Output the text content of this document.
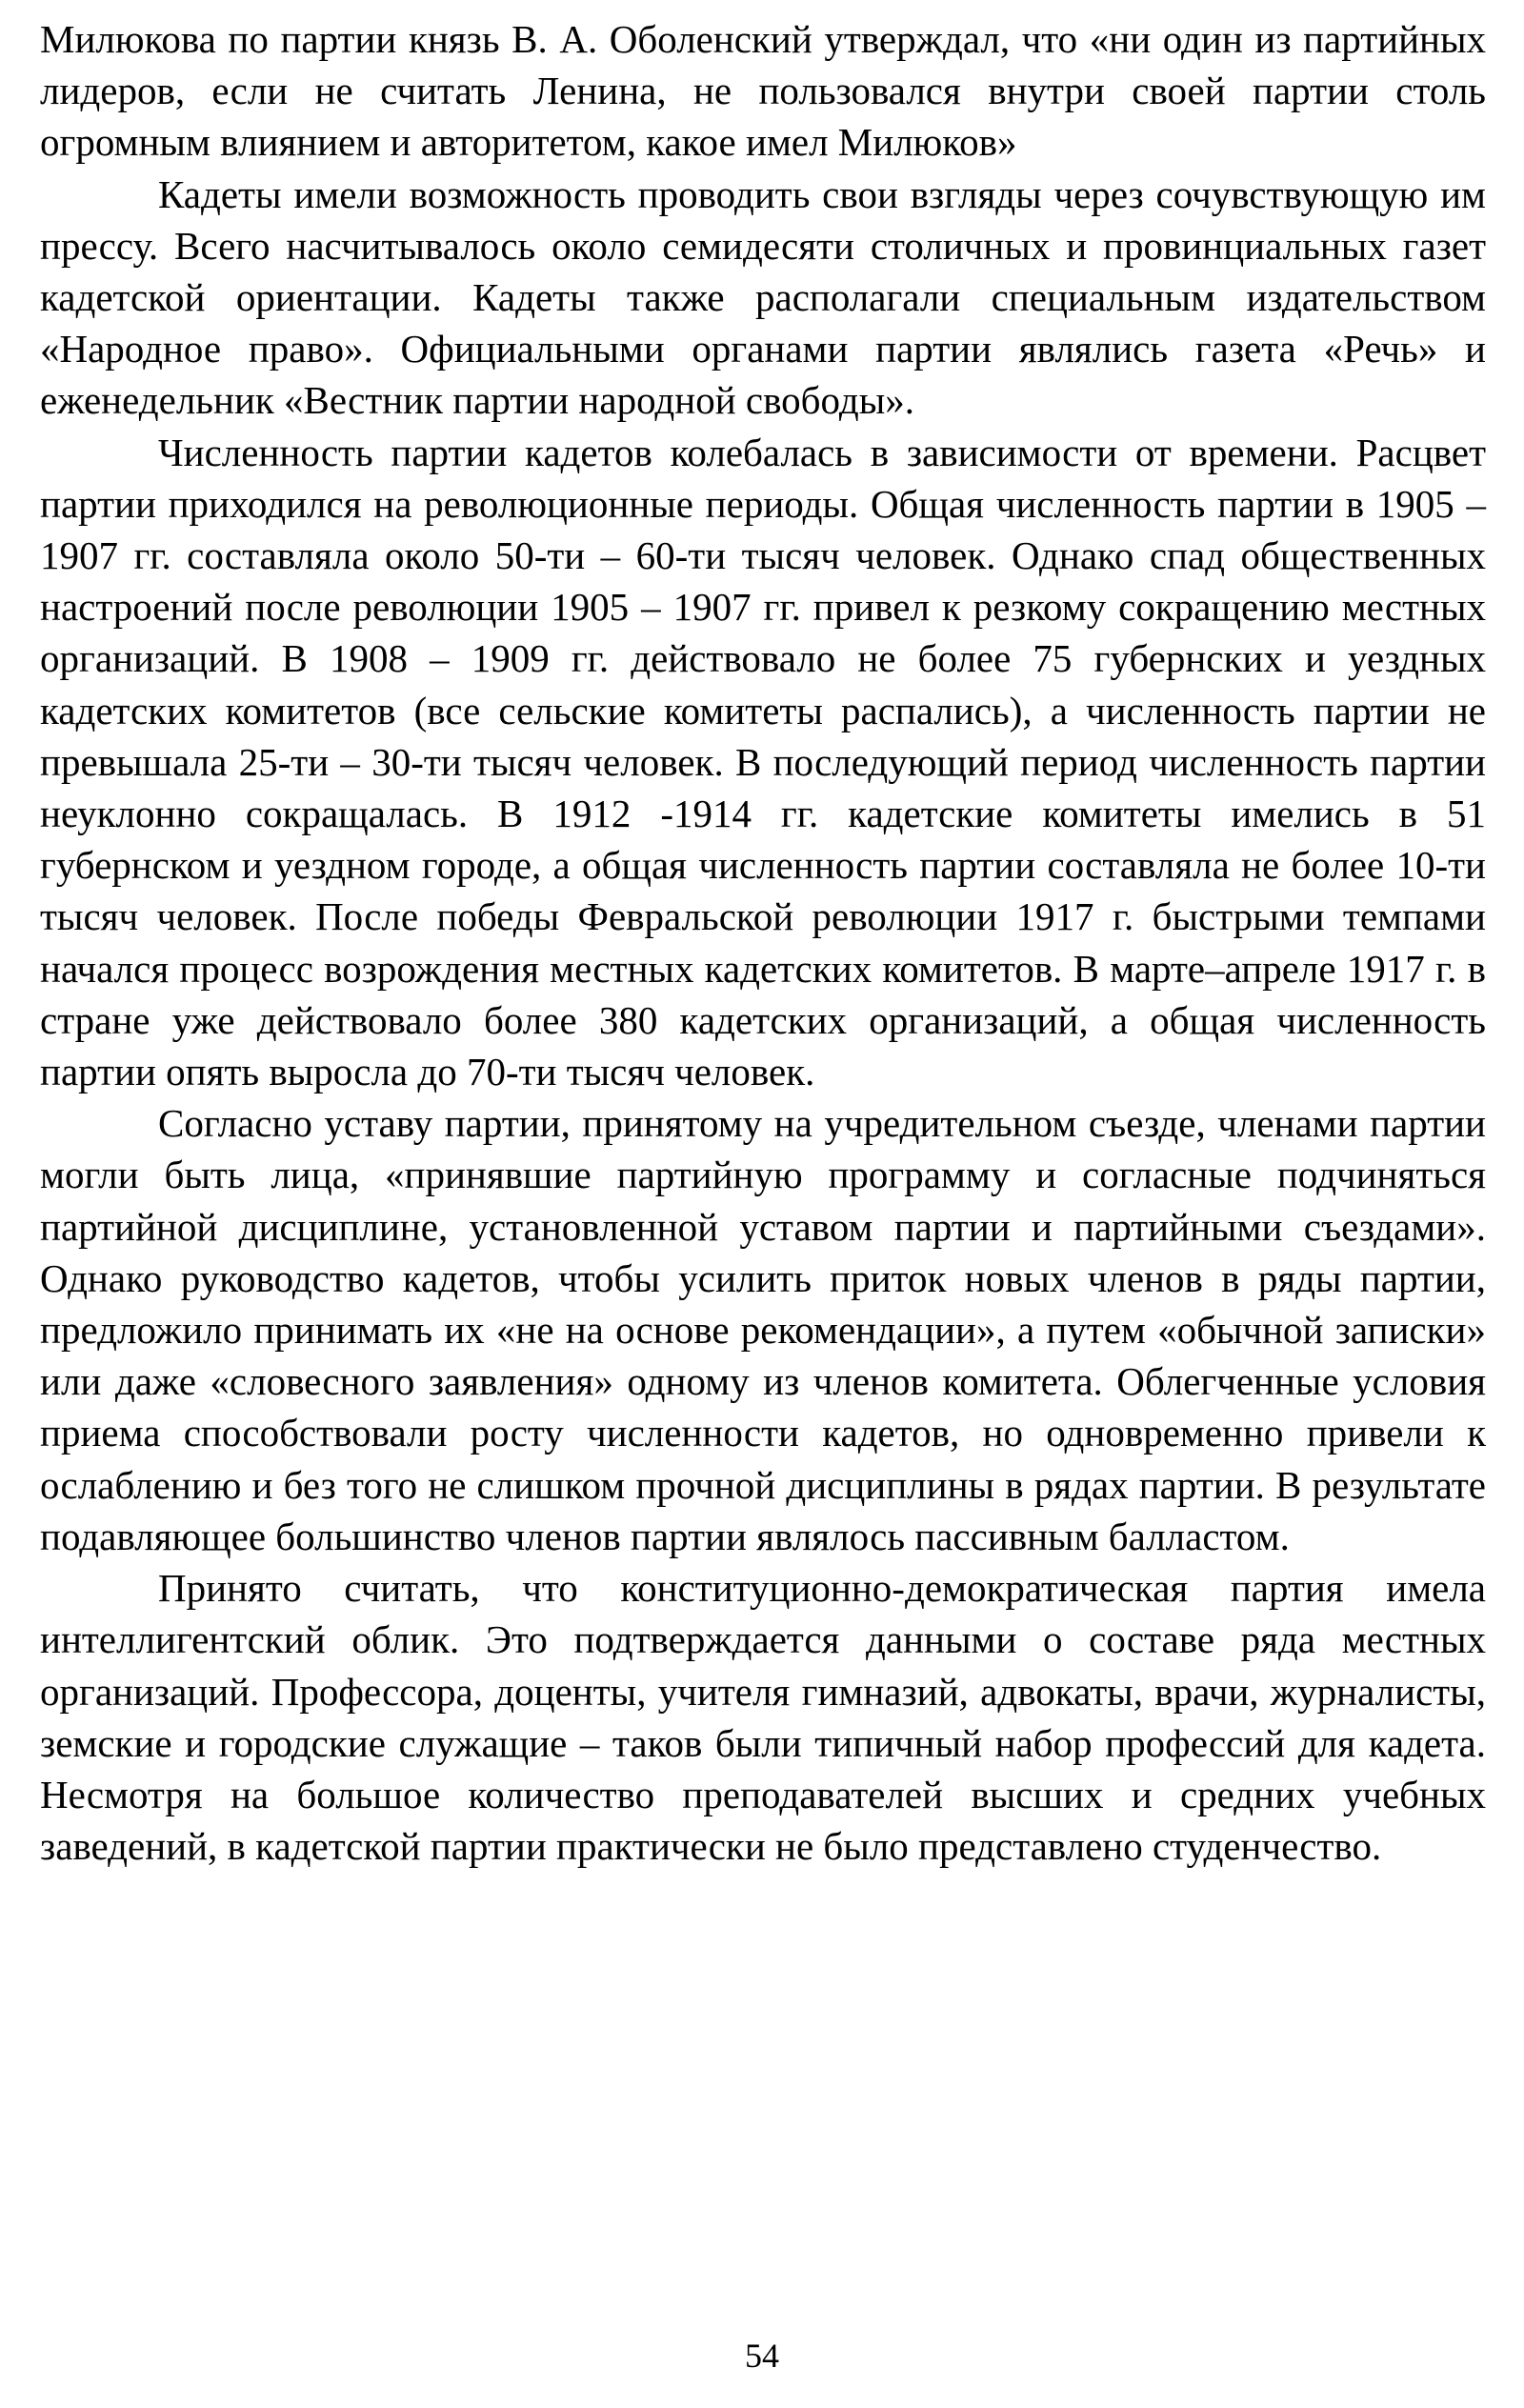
Милюкова по партии князь В. А. Оболенский утверждал, что «ни один из партийных лидеров, если не считать Ленина, не пользовался внутри своей партии столь огромным влиянием и авторитетом, какое имел Милюков»

Кадеты имели возможность проводить свои взгляды через сочувствующую им прессу. Всего насчитывалось около семидесяти столичных и провинциальных газет кадетской ориентации. Кадеты также располагали специальным издательством «Народное право». Официальными органами партии являлись газета «Речь» и еженедельник «Вестник партии народной свободы».

Численность партии кадетов колебалась в зависимости от времени. Расцвет партии приходился на революционные периоды. Общая численность партии в 1905 – 1907 гг. составляла около 50-ти – 60-ти тысяч человек. Однако спад общественных настроений после революции 1905 – 1907 гг. привел к резкому сокращению местных организаций. В 1908 – 1909 гг. действовало не более 75 губернских и уездных кадетских комитетов (все сельские комитеты распались), а численность партии не превышала 25-ти – 30-ти тысяч человек. В последующий период численность партии неуклонно сокращалась. В 1912 -1914 гг. кадетские комитеты имелись в 51 губернском и уездном городе, а общая численность партии составляла не более 10-ти тысяч человек. После победы Февральской революции 1917 г. быстрыми темпами начался процесс возрождения местных кадетских комитетов. В марте–апреле 1917 г. в стране уже действовало более 380 кадетских организаций, а общая численность партии опять выросла до 70-ти тысяч человек.

Согласно уставу партии, принятому на учредительном съезде, членами партии могли быть лица, «принявшие партийную программу и согласные подчиняться партийной дисциплине, установленной уставом партии и партийными съездами». Однако руководство кадетов, чтобы усилить приток новых членов в ряды партии, предложило принимать их «не на основе рекомендации», а путем «обычной записки» или даже «словесного заявления» одному из членов комитета. Облегченные условия приема способствовали росту численности кадетов, но одновременно привели к ослаблению и без того не слишком прочной дисциплины в рядах партии. В результате подавляющее большинство членов партии являлось пассивным балластом.

Принято считать, что конституционно-демократическая партия имела интеллигентский облик. Это подтверждается данными о составе ряда местных организаций. Профессора, доценты, учителя гимназий, адвокаты, врачи, журналисты, земские и городские служащие – таков были типичный набор профессий для кадета. Несмотря на большое количество преподавателей высших и средних учебных заведений, в кадетской партии практически не было представлено студенчество.

54
